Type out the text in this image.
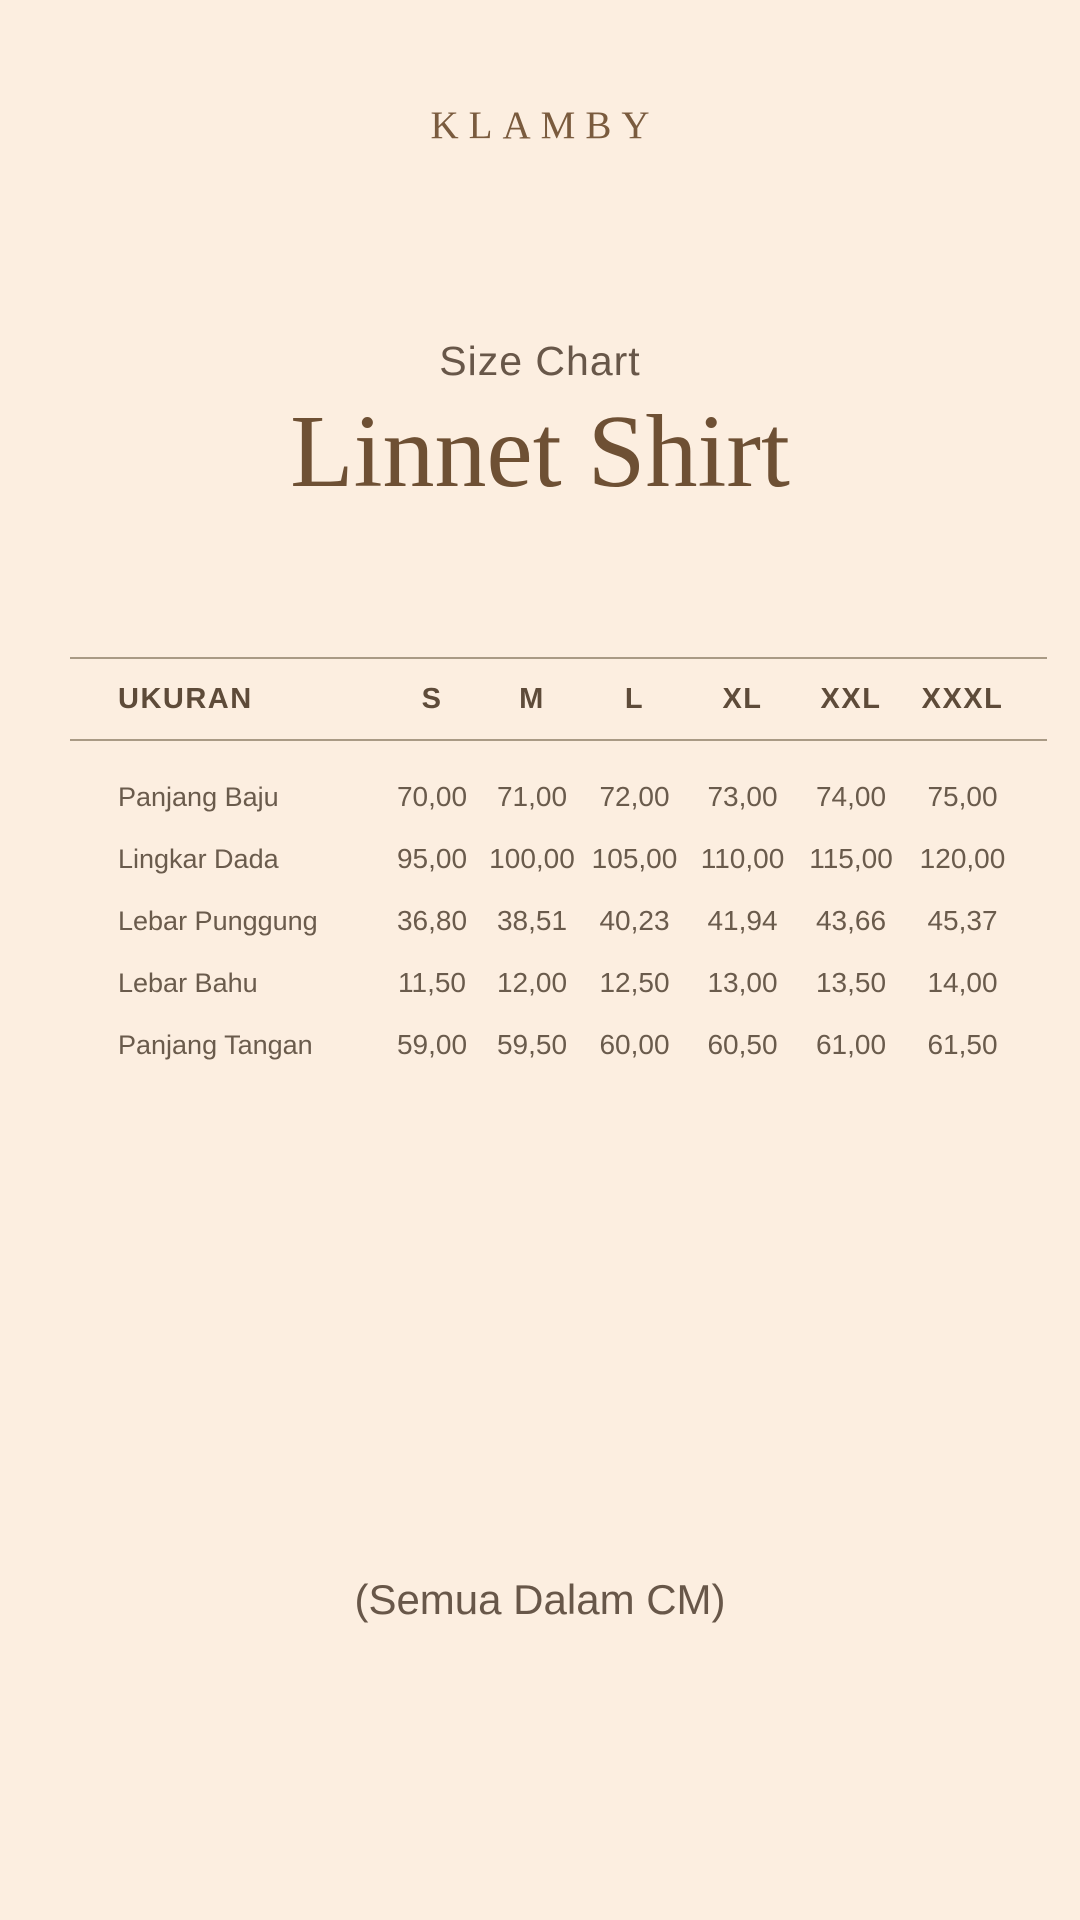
KLAMBY
Size Chart
Linnet Shirt
UKURAN	S	M	L	XL	XXL	XXXL
Panjang Baju	70,00	71,00	72,00	73,00	74,00	75,00
Lingkar Dada	95,00	100,00	105,00	110,00	115,00	120,00
Lebar Punggung	36,80	38,51	40,23	41,94	43,66	45,37
Lebar Bahu	11,50	12,00	12,50	13,00	13,50	14,00
Panjang Tangan	59,00	59,50	60,00	60,50	61,00	61,50
(Semua Dalam CM)
